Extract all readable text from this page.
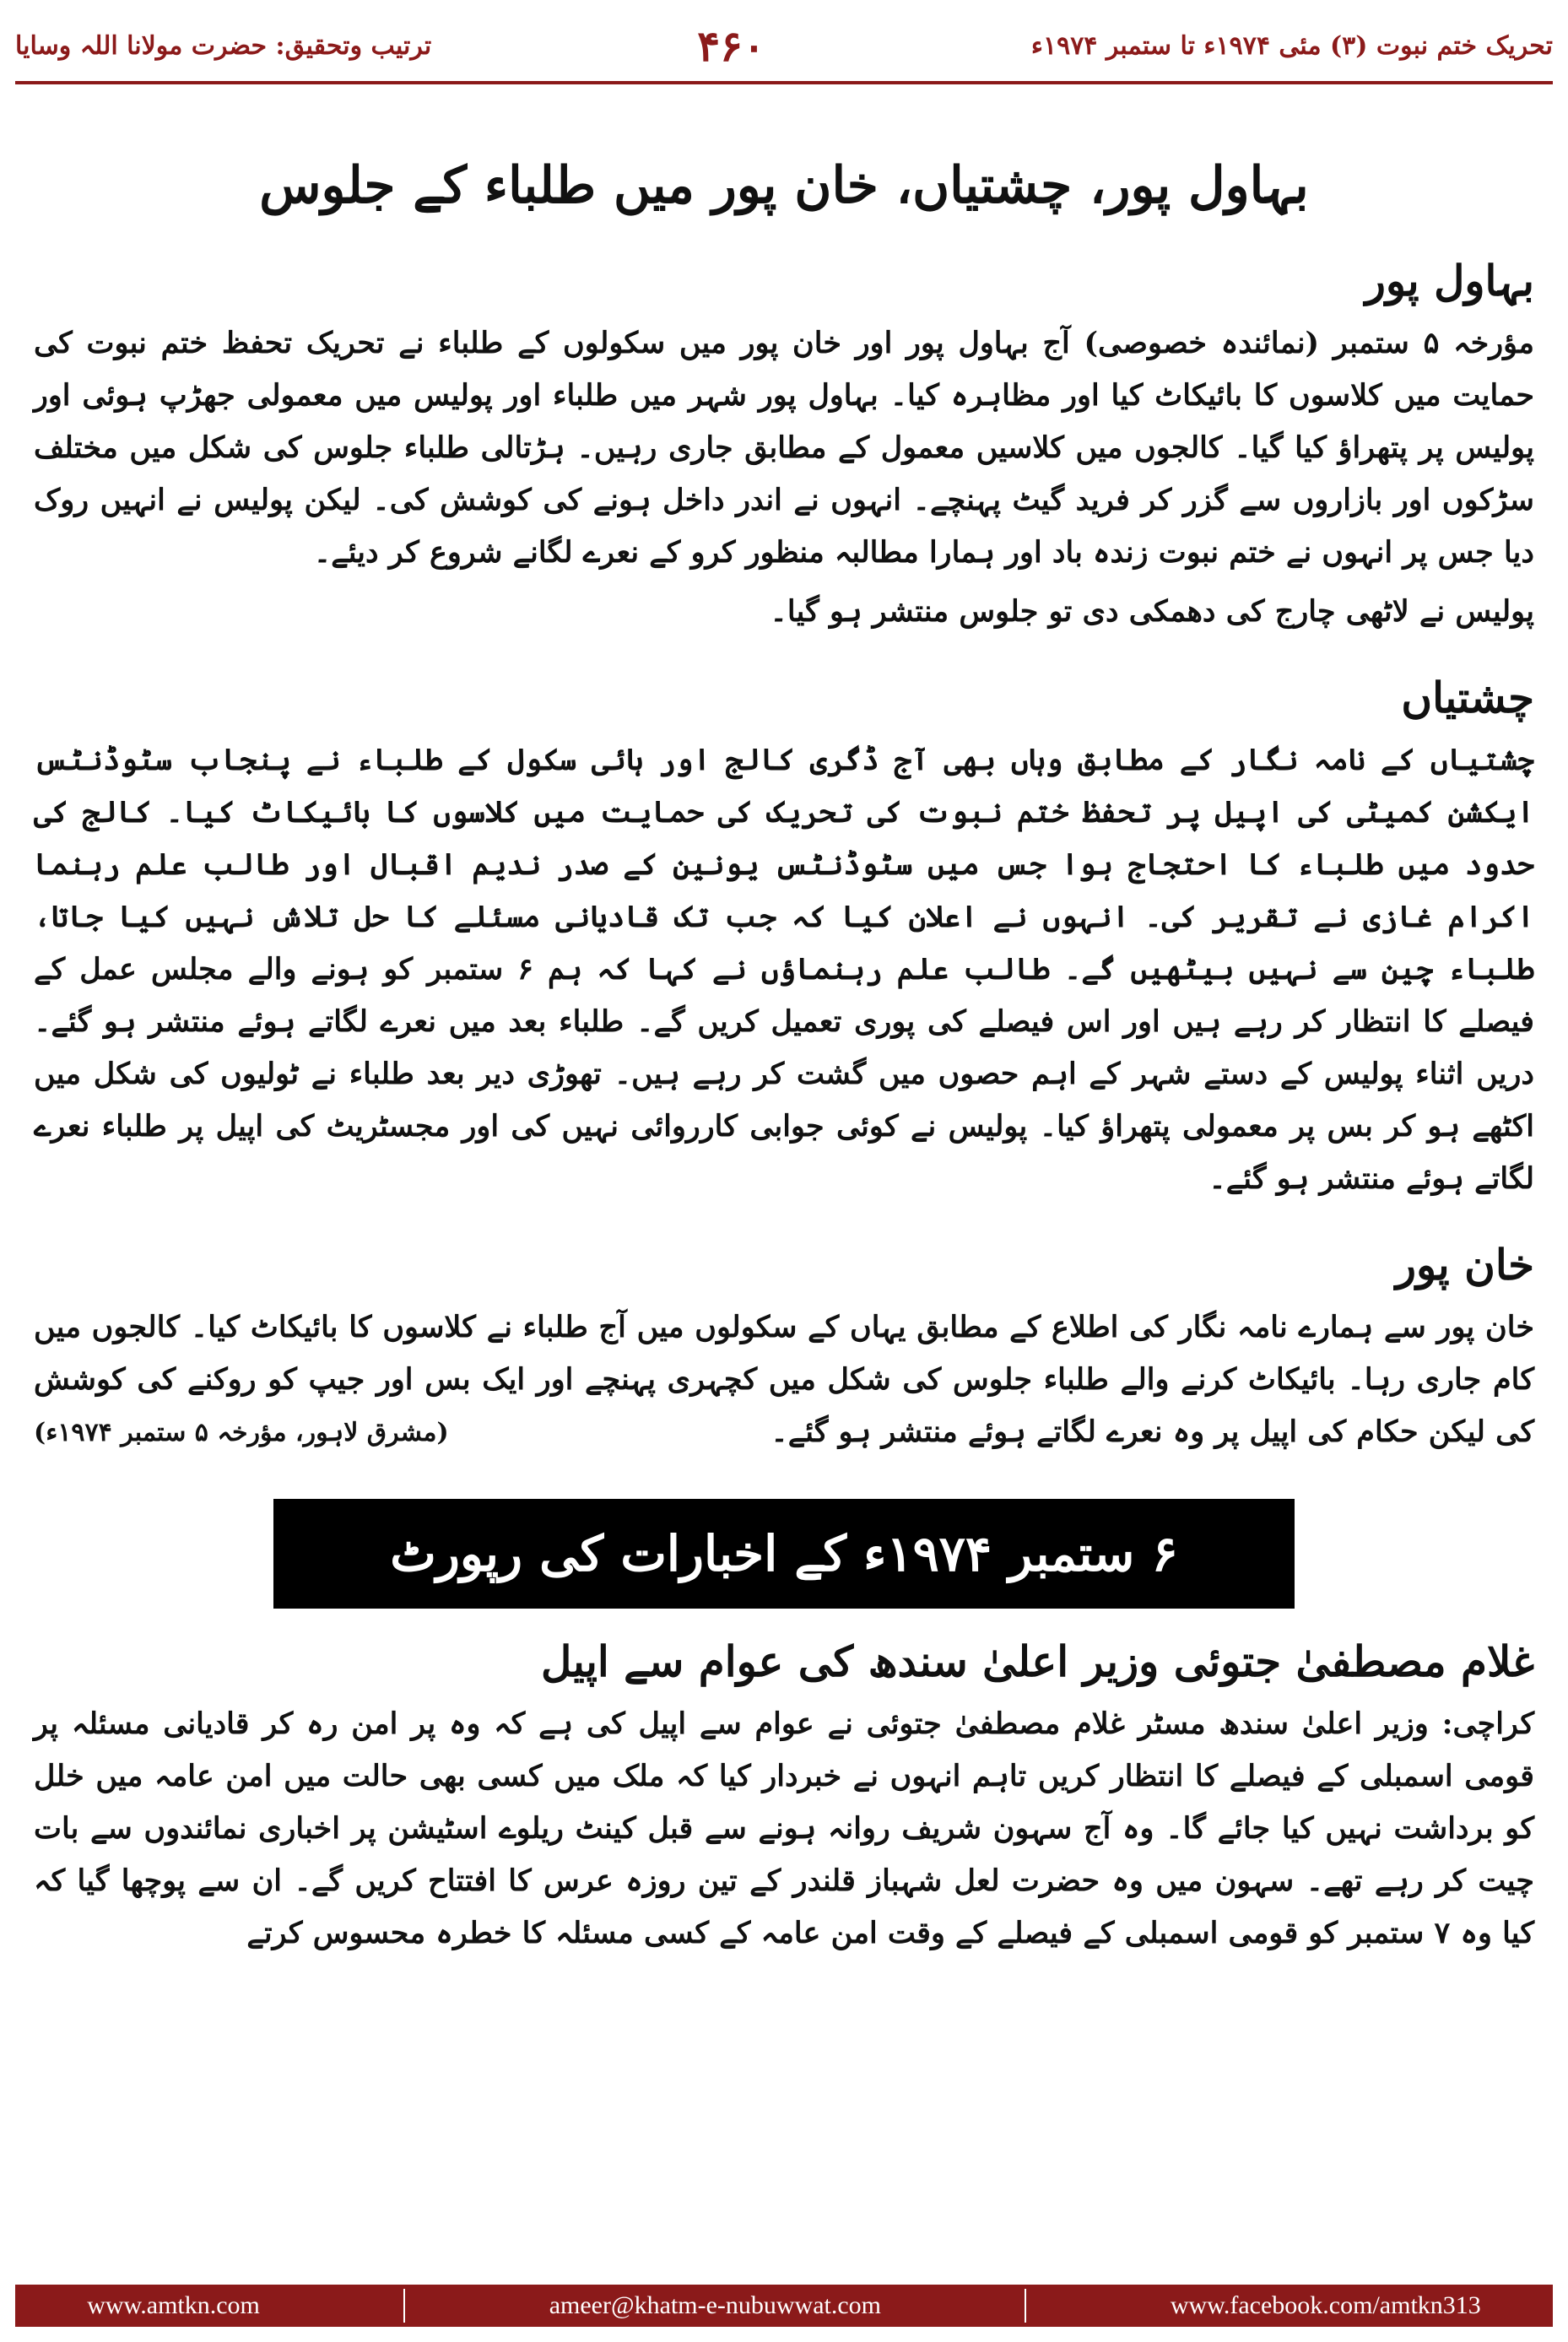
تحریک ختم نبوت (۳) مئی ۱۹۷۴ء تا ستمبر ۱۹۷۴ء
۴۶۰
ترتیب وتحقیق: حضرت مولانا اللہ وسایا
بہاول پور، چشتیاں، خان پور میں طلباء کے جلوس
بہاول پور

مؤرخہ ۵ ستمبر (نمائندہ خصوصی) آج بہاول پور اور خان پور میں سکولوں کے طلباء نے تحریک تحفظ ختم نبوت کی حمایت میں کلاسوں کا بائیکاٹ کیا اور مظاہرہ کیا۔ بہاول پور شہر میں طلباء اور پولیس میں معمولی جھڑپ ہوئی اور پولیس پر پتھراؤ کیا گیا۔ کالجوں میں کلاسیں معمول کے مطابق جاری رہیں۔ ہڑتالی طلباء جلوس کی شکل میں مختلف سڑکوں اور بازاروں سے گزر کر فرید گیٹ پہنچے۔ انہوں نے اندر داخل ہونے کی کوشش کی۔ لیکن پولیس نے انہیں روک دیا جس پر انہوں نے ختم نبوت زندہ باد اور ہمارا مطالبہ منظور کرو کے نعرے لگانے شروع کر دیئے۔

پولیس نے لاٹھی چارج کی دھمکی دی تو جلوس منتشر ہو گیا۔

چشتیاں

چشتیاں کے نامہ نگار کے مطابق وہاں بھی آج ڈگری کالج اور ہائی سکول کے طلباء نے پنجاب سٹوڈنٹس ایکشن کمیٹی کی اپیل پر تحفظ ختم نبوت کی تحریک کی حمایت میں کلاسوں کا بائیکاٹ کیا۔ کالج کی حدود میں طلباء کا احتجاج ہوا جس میں سٹوڈنٹس یونین کے صدر ندیم اقبال اور طالب علم رہنما اکرام غازی نے تقریر کی۔ انہوں نے اعلان کیا کہ جب تک قادیانی مسئلے کا حل تلاش نہیں کیا جاتا، طلباء چین سے نہیں بیٹھیں گے۔ طالب علم رہنماؤں نے کہا کہ ہم ۶ ستمبر کو ہونے والے مجلس عمل کے فیصلے کا انتظار کر رہے ہیں اور اس فیصلے کی پوری تعمیل کریں گے۔ طلباء بعد میں نعرے لگاتے ہوئے منتشر ہو گئے۔ دریں اثناء پولیس کے دستے شہر کے اہم حصوں میں گشت کر رہے ہیں۔ تھوڑی دیر بعد طلباء نے ٹولیوں کی شکل میں اکٹھے ہو کر بس پر معمولی پتھراؤ کیا۔ پولیس نے کوئی جوابی کارروائی نہیں کی اور مجسٹریٹ کی اپیل پر طلباء نعرے لگاتے ہوئے منتشر ہو گئے۔

خان پور

خان پور سے ہمارے نامہ نگار کی اطلاع کے مطابق یہاں کے سکولوں میں آج طلباء نے کلاسوں کا بائیکاٹ کیا۔ کالجوں میں کام جاری رہا۔ بائیکاٹ کرنے والے طلباء جلوس کی شکل میں کچہری پہنچے اور ایک بس اور جیپ کو روکنے کی کوشش کی لیکن حکام کی اپیل پر وہ نعرے لگاتے ہوئے منتشر ہو گئے۔

(مشرق لاہور، مؤرخہ ۵ ستمبر ۱۹۷۴ء)
۶ ستمبر ۱۹۷۴ء کے اخبارات کی رپورٹ
غلام مصطفیٰ جتوئی وزیر اعلیٰ سندھ کی عوام سے اپیل

کراچی: وزیر اعلیٰ سندھ مسٹر غلام مصطفیٰ جتوئی نے عوام سے اپیل کی ہے کہ وہ پر امن رہ کر قادیانی مسئلہ پر قومی اسمبلی کے فیصلے کا انتظار کریں تاہم انہوں نے خبردار کیا کہ ملک میں کسی بھی حالت میں امن عامہ میں خلل کو برداشت نہیں کیا جائے گا۔ وہ آج سہون شریف روانہ ہونے سے قبل کینٹ ریلوے اسٹیشن پر اخباری نمائندوں سے بات چیت کر رہے تھے۔ سہون میں وہ حضرت لعل شہباز قلندر کے تین روزہ عرس کا افتتاح کریں گے۔ ان سے پوچھا گیا کہ کیا وہ ۷ ستمبر کو قومی اسمبلی کے فیصلے کے وقت امن عامہ کے کسی مسئلہ کا خطرہ محسوس کرتے

www.amtkn.com	ameer@khatm-e-nubuwwat.com	www.facebook.com/amtkn313
